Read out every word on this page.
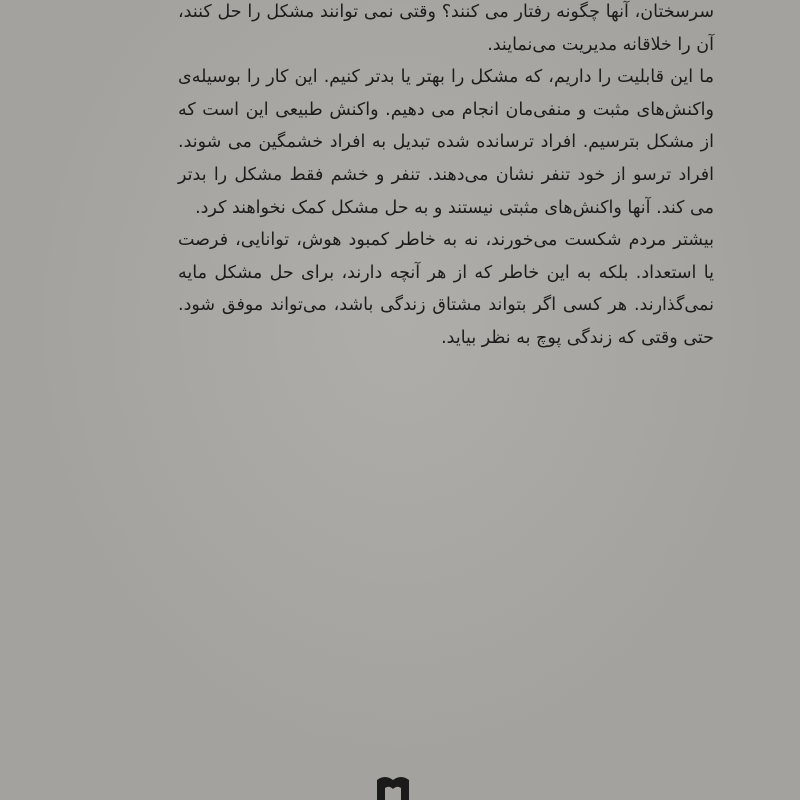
سرسختان، آنها چگونه رفتار می کنند؟ وقتی نمی توانند مشکل را حل کنند، آن را خلاقانه مدیریت می‌نمایند.

ما این قابلیت را داریم، که مشکل را بهتر یا بدتر کنیم. این کار را بوسیله‌ی واکنش‌های مثبت و منفی‌مان انجام می دهیم. واکنش طبیعی این است که از مشکل بترسیم. افراد ترسانده شده تبدیل به افراد خشمگین می شوند. افراد ترسو از خود تنفر نشان می‌دهند. تنفر و خشم فقط مشکل را بدتر می کند. آنها واکنش‌های مثبتی نیستند و به حل مشکل کمک نخواهند کرد.

بیشتر مردم شکست می‌خورند، نه به خاطر کمبود هوش، توانایی، فرصت یا استعداد. بلکه به این خاطر که از هر آنچه دارند، برای حل مشکل مایه نمی‌گذارند. هر کسی اگر بتواند مشتاق زندگی باشد، می‌تواند موفق شود. حتی وقتی که زندگی پوچ به نظر بیاید.
